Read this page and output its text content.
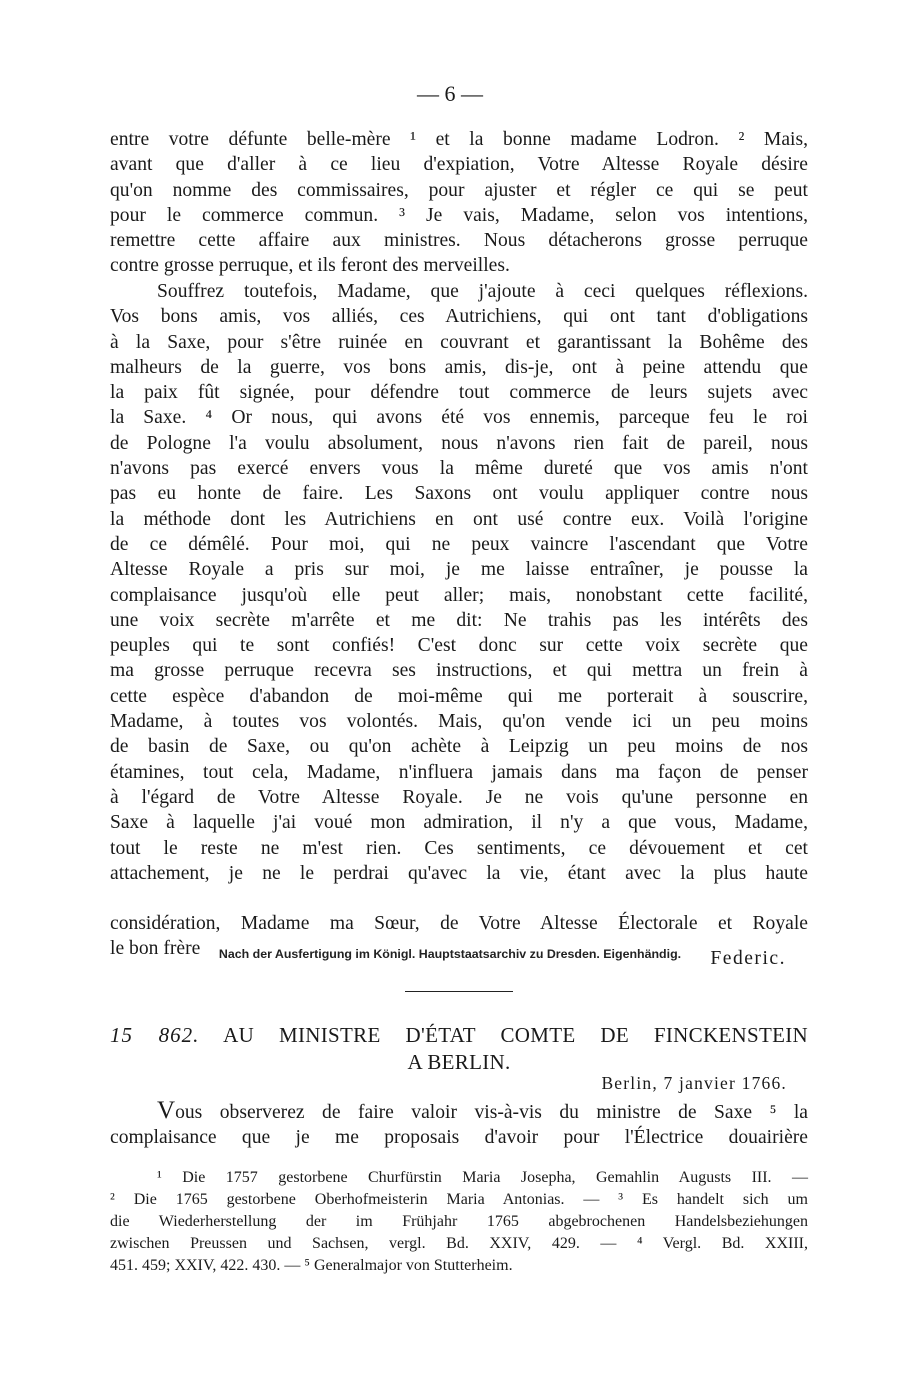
— 6 —
entre votre défunte belle-mère ¹ et la bonne madame Lodron. ² Mais,
avant que d'aller à ce lieu d'expiation, Votre Altesse Royale désire
qu'on nomme des commissaires, pour ajuster et régler ce qui se peut
pour le commerce commun. ³ Je vais, Madame, selon vos intentions,
remettre cette affaire aux ministres. Nous détacherons grosse perruque
contre grosse perruque, et ils feront des merveilles.
Souffrez toutefois, Madame, que j'ajoute à ceci quelques réflexions.
Vos bons amis, vos alliés, ces Autrichiens, qui ont tant d'obligations
à la Saxe, pour s'être ruinée en couvrant et garantissant la Bohême des
malheurs de la guerre, vos bons amis, dis-je, ont à peine attendu que
la paix fût signée, pour défendre tout commerce de leurs sujets avec
la Saxe. ⁴ Or nous, qui avons été vos ennemis, parceque feu le roi
de Pologne l'a voulu absolument, nous n'avons rien fait de pareil, nous
n'avons pas exercé envers vous la même dureté que vos amis n'ont
pas eu honte de faire. Les Saxons ont voulu appliquer contre nous
la méthode dont les Autrichiens en ont usé contre eux. Voilà l'origine
de ce démêlé. Pour moi, qui ne peux vaincre l'ascendant que Votre
Altesse Royale a pris sur moi, je me laisse entraîner, je pousse la
complaisance jusqu'où elle peut aller; mais, nonobstant cette facilité,
une voix secrète m'arrête et me dit: Ne trahis pas les intérêts des
peuples qui te sont confiés! C'est donc sur cette voix secrète que
ma grosse perruque recevra ses instructions, et qui mettra un frein à
cette espèce d'abandon de moi-même qui me porterait à souscrire,
Madame, à toutes vos volontés. Mais, qu'on vende ici un peu moins
de basin de Saxe, ou qu'on achète à Leipzig un peu moins de nos
étamines, tout cela, Madame, n'influera jamais dans ma façon de penser
à l'égard de Votre Altesse Royale. Je ne vois qu'une personne en
Saxe à laquelle j'ai voué mon admiration, il n'y a que vous, Madame,
tout le reste ne m'est rien. Ces sentiments, ce dévouement et cet
attachement, je ne le perdrai qu'avec la vie, étant avec la plus haute
considération, Madame ma Sœur, de Votre Altesse Électorale et Royale
le bon frère	Federic.
Nach der Ausfertigung im Königl. Hauptstaatsarchiv zu Dresden. Eigenhändig.
15 862. AU MINISTRE D'ÉTAT COMTE DE FINCKENSTEIN
A BERLIN.
Berlin, 7 janvier 1766.
Vous observerez de faire valoir vis-à-vis du ministre de Saxe ⁵ la
complaisance que je me proposais d'avoir pour l'Électrice douairière
¹ Die 1757 gestorbene Churfürstin Maria Josepha, Gemahlin Augusts III. —
² Die 1765 gestorbene Oberhofmeisterin Maria Antonias. — ³ Es handelt sich um
die Wiederherstellung der im Frühjahr 1765 abgebrochenen Handelsbeziehungen
zwischen Preussen und Sachsen, vergl. Bd. XXIV, 429. — ⁴ Vergl. Bd. XXIII,
451. 459; XXIV, 422. 430. — ⁵ Generalmajor von Stutterheim.
